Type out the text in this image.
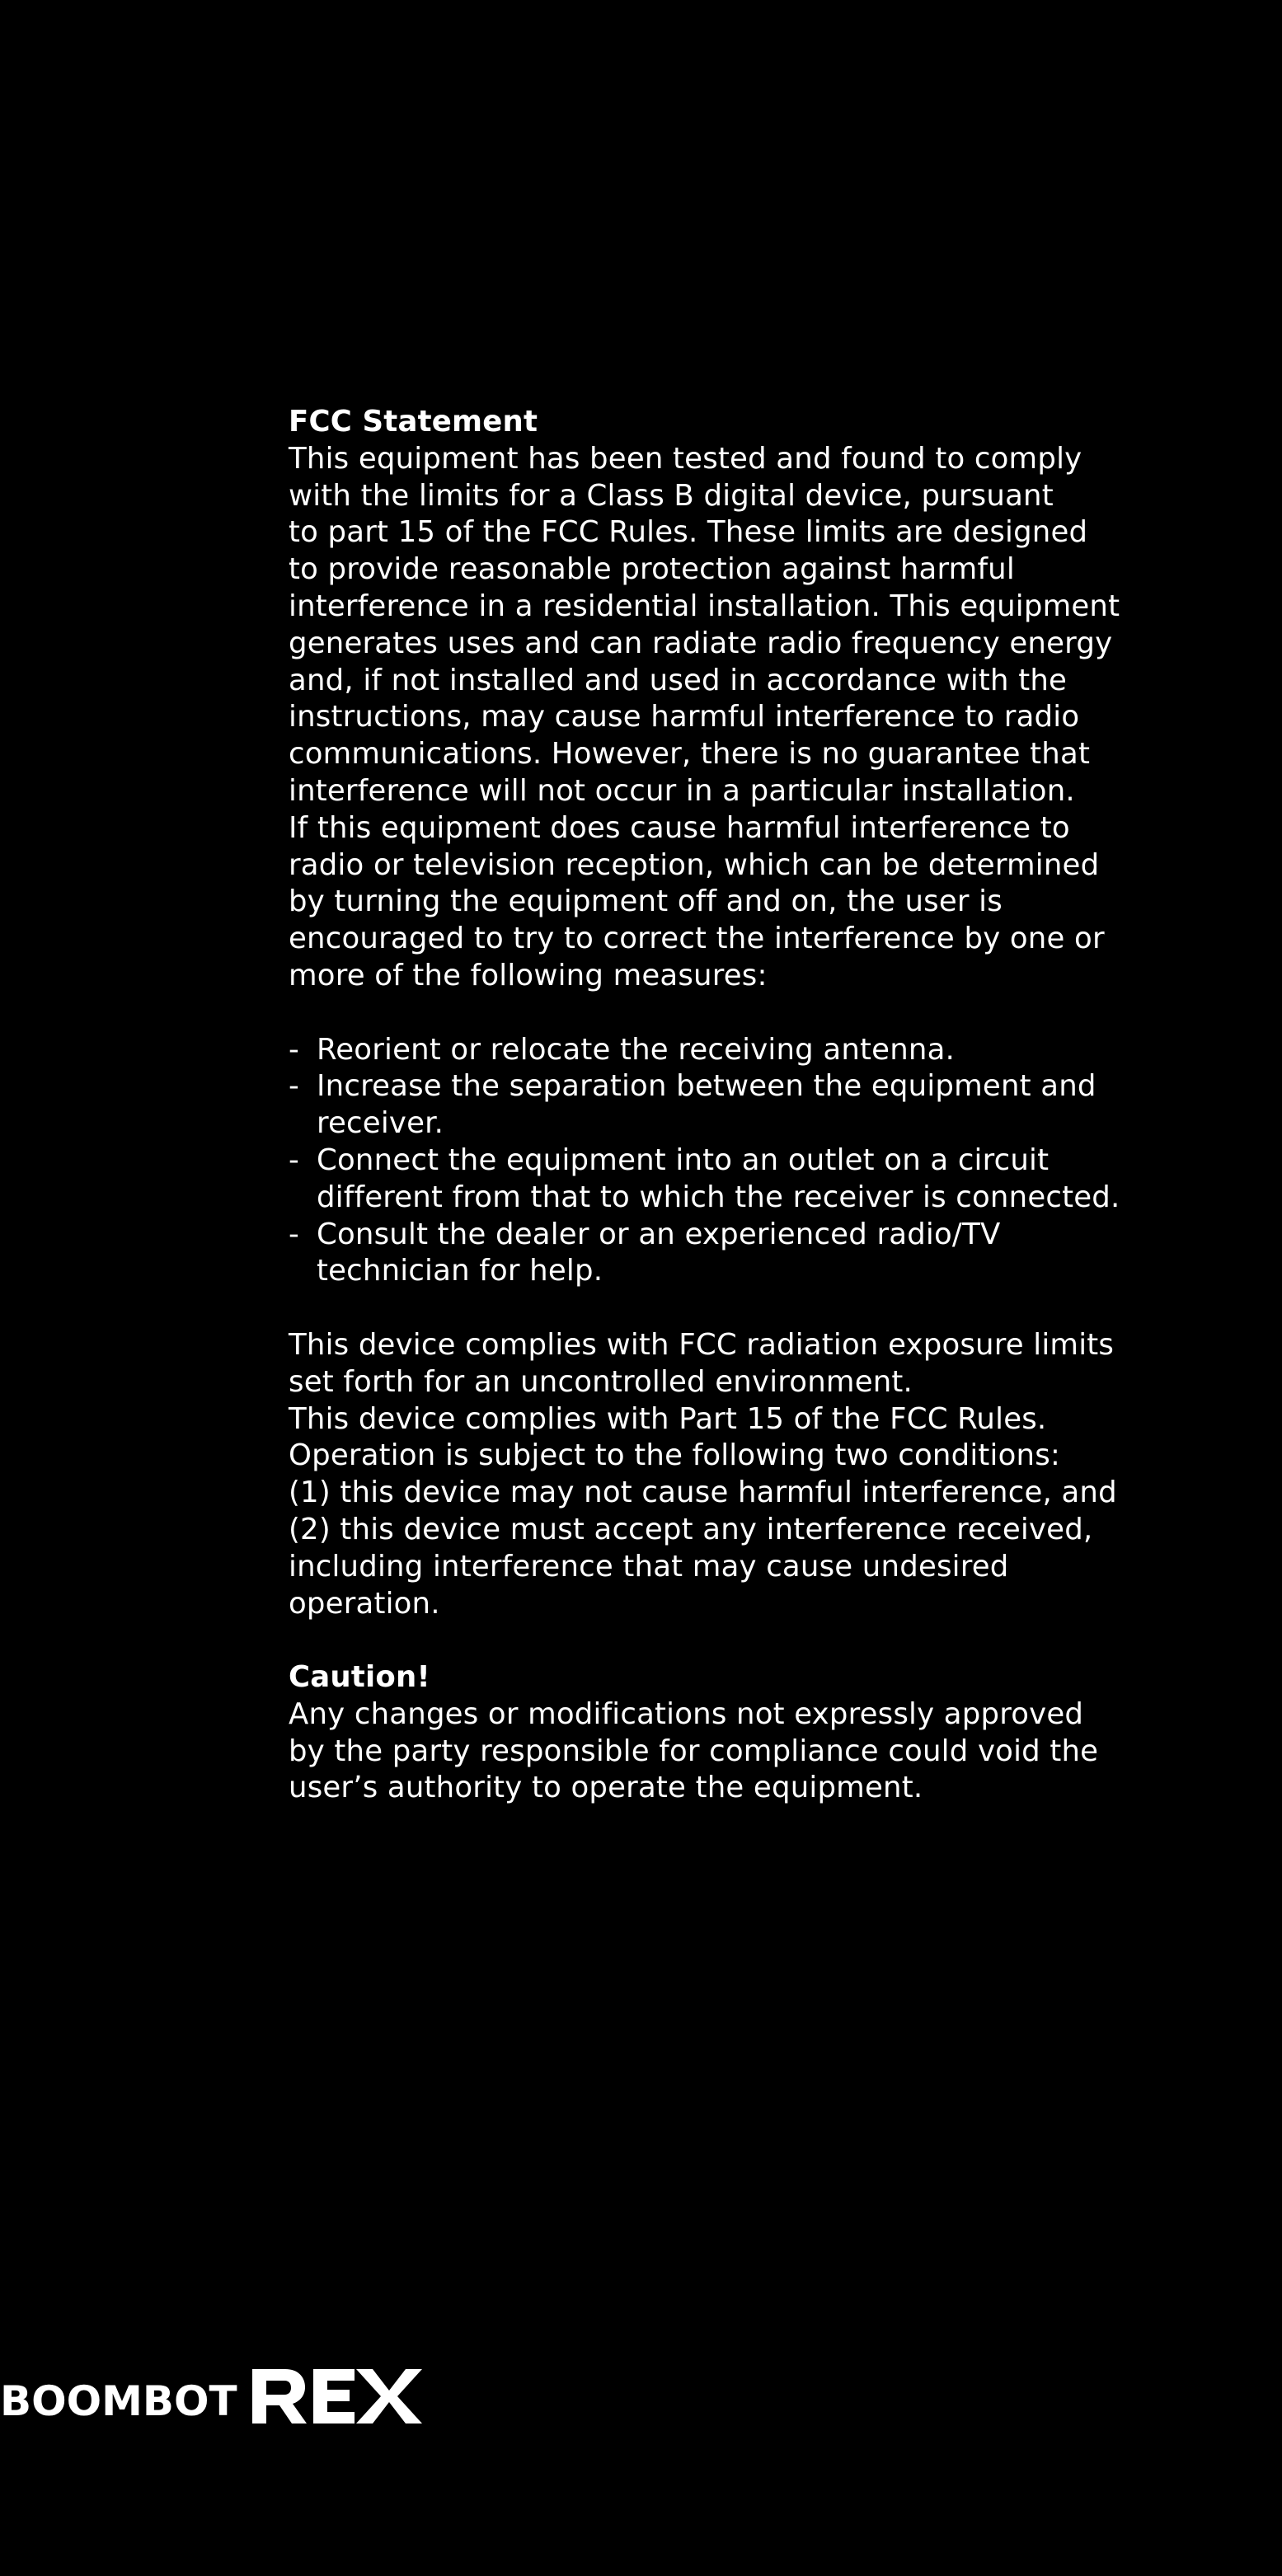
FCC Statement

This equipment has been tested and found to comply
with the limits for a Class B digital device, pursuant
to part 15 of the FCC Rules. These limits are designed
to provide reasonable protection against harmful
interference in a residential installation. This equipment
generates uses and can radiate radio frequency energy
and, if not installed and used in accordance with the
instructions, may cause harmful interference to radio
communications. However, there is no guarantee that
interference will not occur in a particular installation.
If this equipment does cause harmful interference to
radio or television reception, which can be determined
by turning the equipment off and on, the user is
encouraged to try to correct the interference by one or
more of the following measures:
- Reorient or relocate the receiving antenna.
- Increase the separation between the equipment and
receiver.
- Connect the equipment into an outlet on a circuit
different from that to which the receiver is connected.
- Consult the dealer or an experienced radio/TV
technician for help.
This device complies with FCC radiation exposure limits
set forth for an uncontrolled environment.
This device complies with Part 15 of the FCC Rules.
Operation is subject to the following two conditions:
(1) this device may not cause harmful interference, and
(2) this device must accept any interference received,
including interference that may cause undesired
operation.

Caution!

Any changes or modifications not expressly approved
by the party responsible for compliance could void the
user’s authority to operate the equipment.
BOOMBOT
